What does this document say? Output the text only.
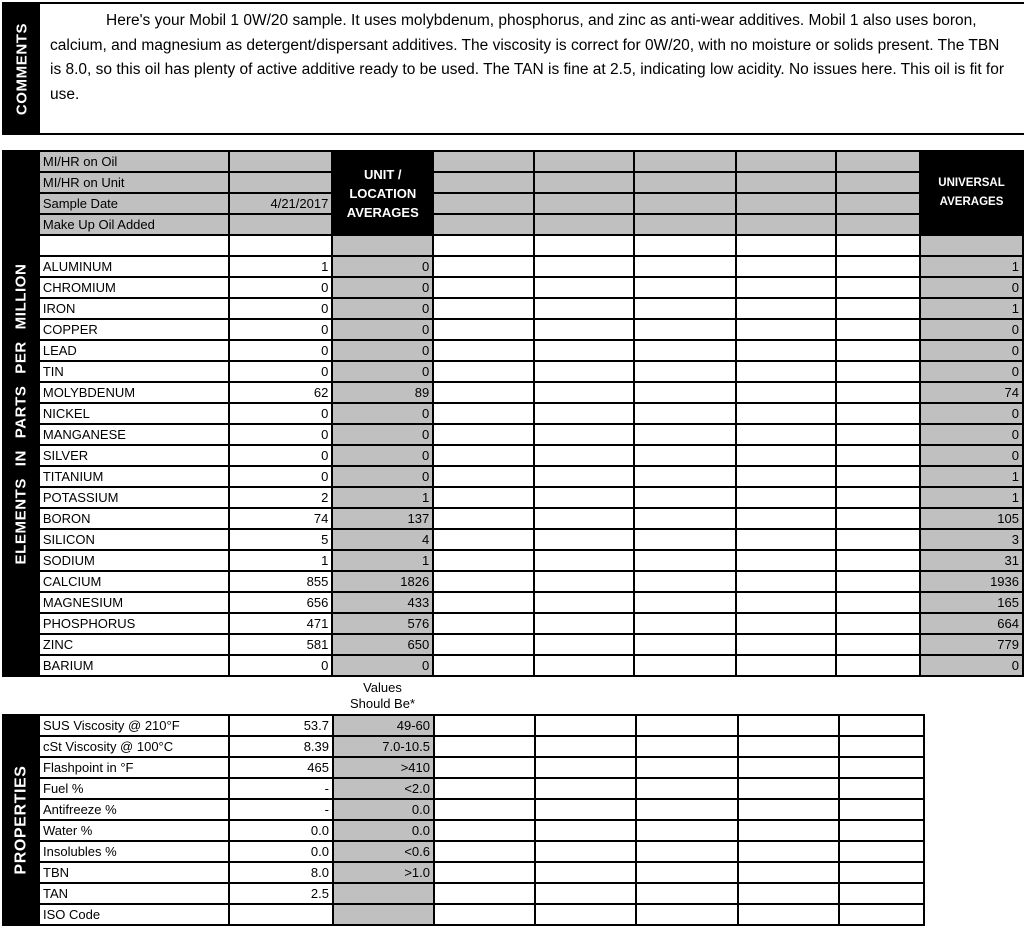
COMMENTS

Here's your Mobil 1 0W/20 sample. It uses molybdenum, phosphorus, and zinc as anti-wear additives. Mobil 1 also uses boron, calcium, and magnesium as detergent/dispersant additives. The viscosity is correct for 0W/20, with no moisture or solids present. The TBN is 8.0, so this oil has plenty of active additive ready to be used. The TAN is fine at 2.5, indicating low acidity. No issues here. This oil is fit for use.

ELEMENTS IN PARTS PER MILLION
	MI/HR on Oil		
UNIT /
LOCATION
AVERAGES

UNIVERSAL
AVERAGES

	MI/HR on Unit								
	Sample Date	4/21/2017							
	Make Up Oil Added								

	ALUMINUM	1	0						1
	CHROMIUM	0	0						0
	IRON	0	0						1
	COPPER	0	0						0
	LEAD	0	0						0
	TIN	0	0						0
	MOLYBDENUM	62	89						74
	NICKEL	0	0						0
	MANGANESE	0	0						0
	SILVER	0	0						0
	TITANIUM	0	0						1
	POTASSIUM	2	1						1
	BORON	74	137						105
	SILICON	5	4						3
	SODIUM	1	1						31
	CALCIUM	855	1826						1936
	MAGNESIUM	656	433						165
	PHOSPHORUS	471	576						664
	ZINC	581	650						779
	BARIUM	0	0						0
Values
Should Be*
PROPERTIES	SUS Viscosity @ 210°F	53.7	49-60					
	cSt Viscosity @ 100°C	8.39	7.0-10.5					
	Flashpoint in °F	465	>410					
	Fuel %	-	<2.0					
	Antifreeze %	-	0.0					
	Water %	0.0	0.0					
	Insolubles %	0.0	<0.6					
	TBN	8.0	>1.0					
	TAN	2.5						
	ISO Code							
